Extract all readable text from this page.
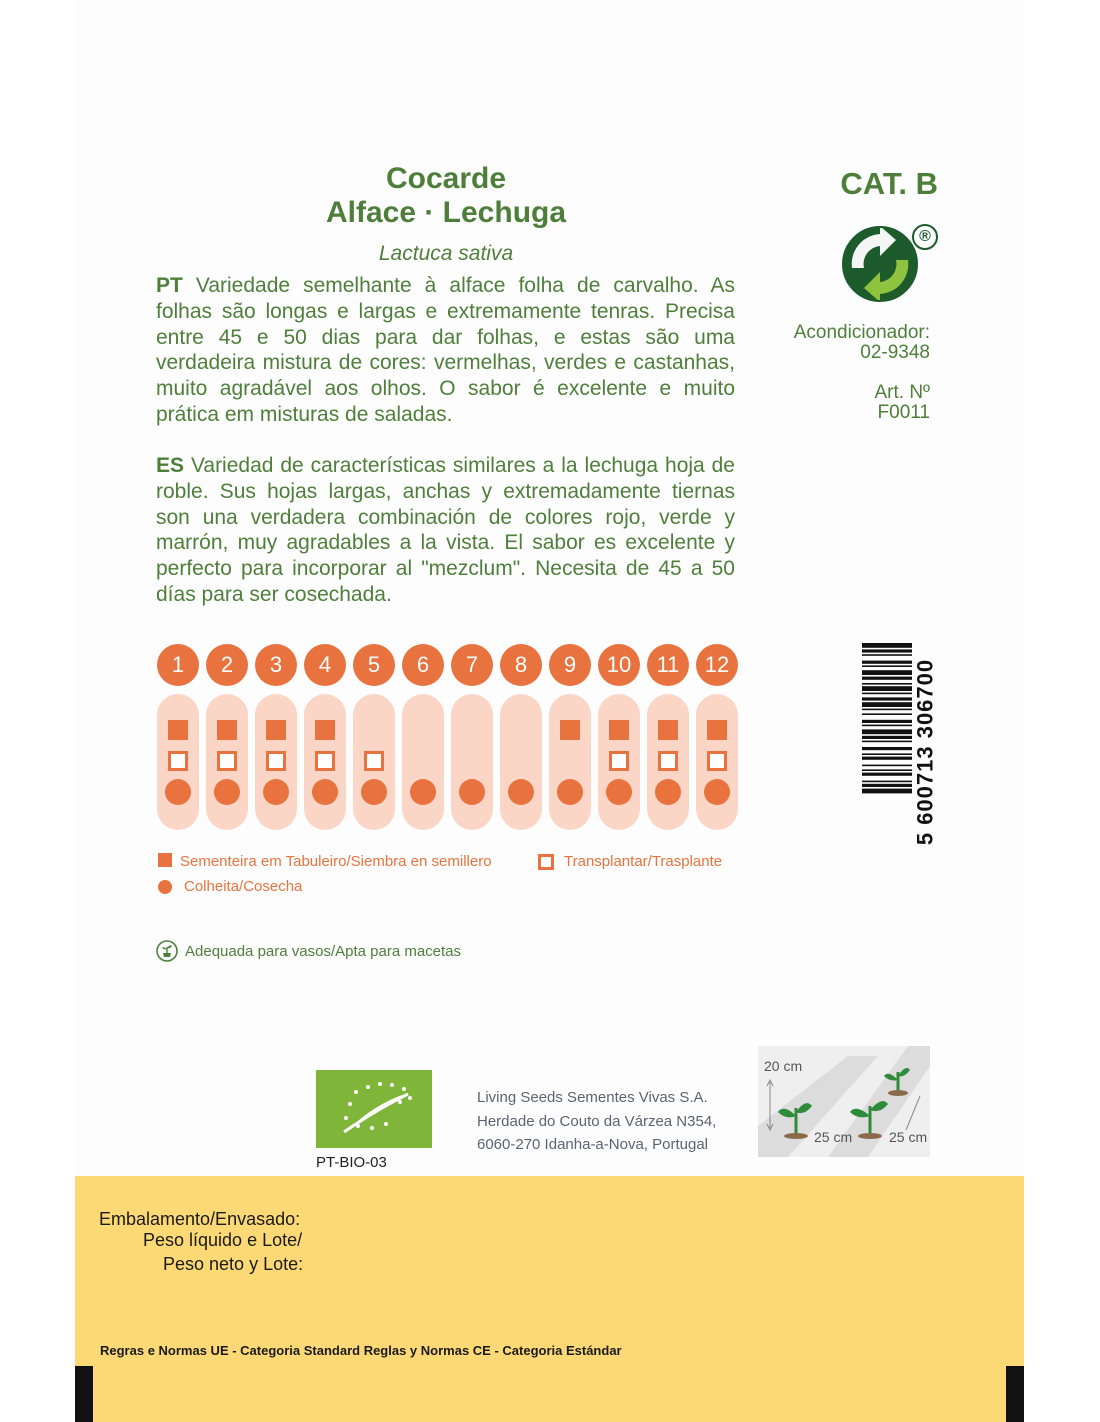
Cocarde
Alface · Lechuga
Lactuca sativa
PT Variedade semelhante à alface folha de carvalho. As folhas são longas e largas e extremamente tenras. Precisa entre 45 e 50 dias para dar folhas, e estas são uma verdadeira mistura de cores: vermelhas, verdes e castanhas, muito agradável aos olhos. O sabor é excelente e muito prática em misturas de saladas.
ES Variedad de características similares a la lechuga hoja de roble. Sus hojas largas, anchas y extremadamente tiernas son una verdadera combinación de colores rojo, verde y marrón, muy agradables a la vista. El sabor es excelente y perfecto para incorporar al "mezclum". Necesita de 45 a 50 días para ser cosechada.
CAT. B
®
Acondicionador:
02-9348
Art. Nº
F0011
5 600713 306700
1	2	3	4	5	6	7	8	9	10	11	12
Sementeira em Tabuleiro/Siembra en semillero	Transplantar/Trasplante
Colheita/Cosecha
Adequada para vasos/Apta para macetas
PT-BIO-03
Living Seeds Sementes Vivas S.A.
Herdade do Couto da Várzea N354,
6060-270 Idanha-a-Nova, Portugal
20 cm
25 cm	25 cm
Embalamento/Envasado:
Peso líquido e Lote/
Peso neto y Lote:
Regras e Normas UE - Categoria Standard Reglas y Normas CE - Categoria Estándar
